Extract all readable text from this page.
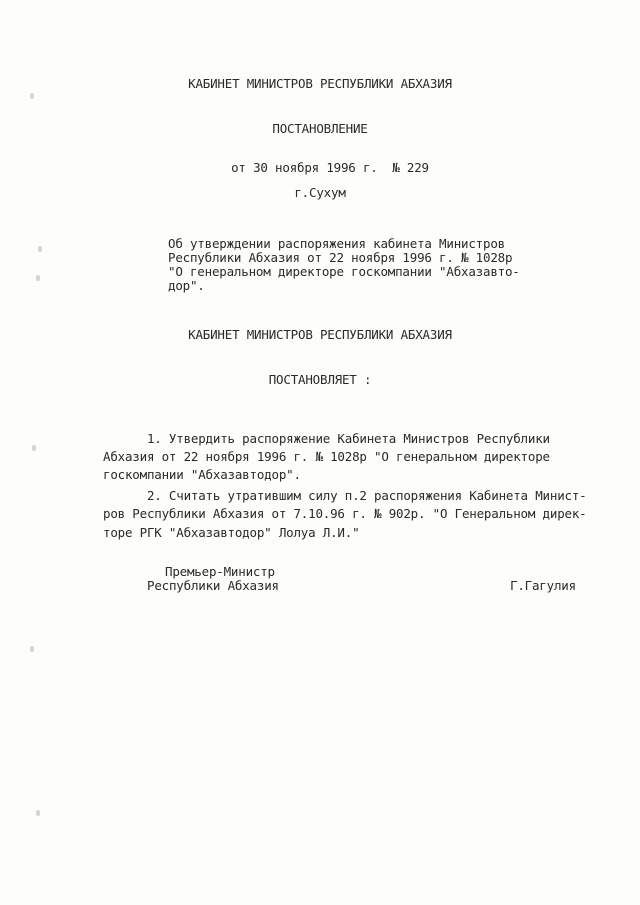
КАБИНЕТ МИНИСТРОВ РЕСПУБЛИКИ АБХАЗИЯ
ПОСТАНОВЛЕНИЕ
от 30 ноября 1996 г.  № 229
г.Сухум
Об утверждении распоряжения кабинета Министров
Республики Абхазия от 22 ноября 1996 г. № 1028р
"О генеральном директоре госкомпании "Абхазавто-
дор".
КАБИНЕТ МИНИСТРОВ РЕСПУБЛИКИ АБХАЗИЯ
ПОСТАНОВЛЯЕТ :
1. Утвердить распоряжение Кабинета Министров Республики
Абхазия от 22 ноября 1996 г. № 1028р "О генеральном директоре
госкомпании "Абхазавтодор".
2. Считать утратившим силу п.2 распоряжения Кабинета Минист-
ров Республики Абхазия от 7.10.96 г. № 902р. "О Генеральном дирек-
торе РГК "Абхазавтодор" Лолуа Л.И."
Премьер-Министр
Республики Абхазия	Г.Гагулия
